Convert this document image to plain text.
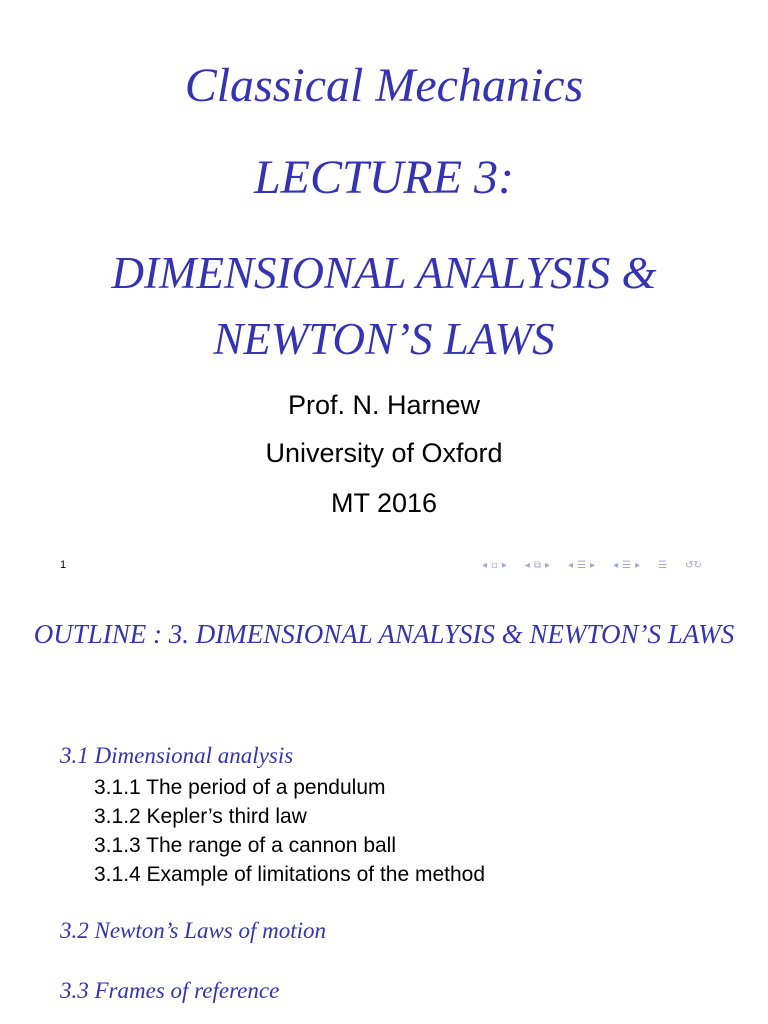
Classical Mechanics
LECTURE 3:
DIMENSIONAL ANALYSIS &
NEWTON’S LAWS
Prof. N. Harnew
University of Oxford
MT 2016
1	◂ ▫ ▸ ◂ ⧉ ▸ ◂ ☰ ▸ ◂ ☰ ▸ ☰ ↺↻
OUTLINE : 3. DIMENSIONAL ANALYSIS & NEWTON’S LAWS
3.1 Dimensional analysis
3.1.1 The period of a pendulum
3.1.2 Kepler’s third law
3.1.3 The range of a cannon ball
3.1.4 Example of limitations of the method
3.2 Newton’s Laws of motion
3.3 Frames of reference
